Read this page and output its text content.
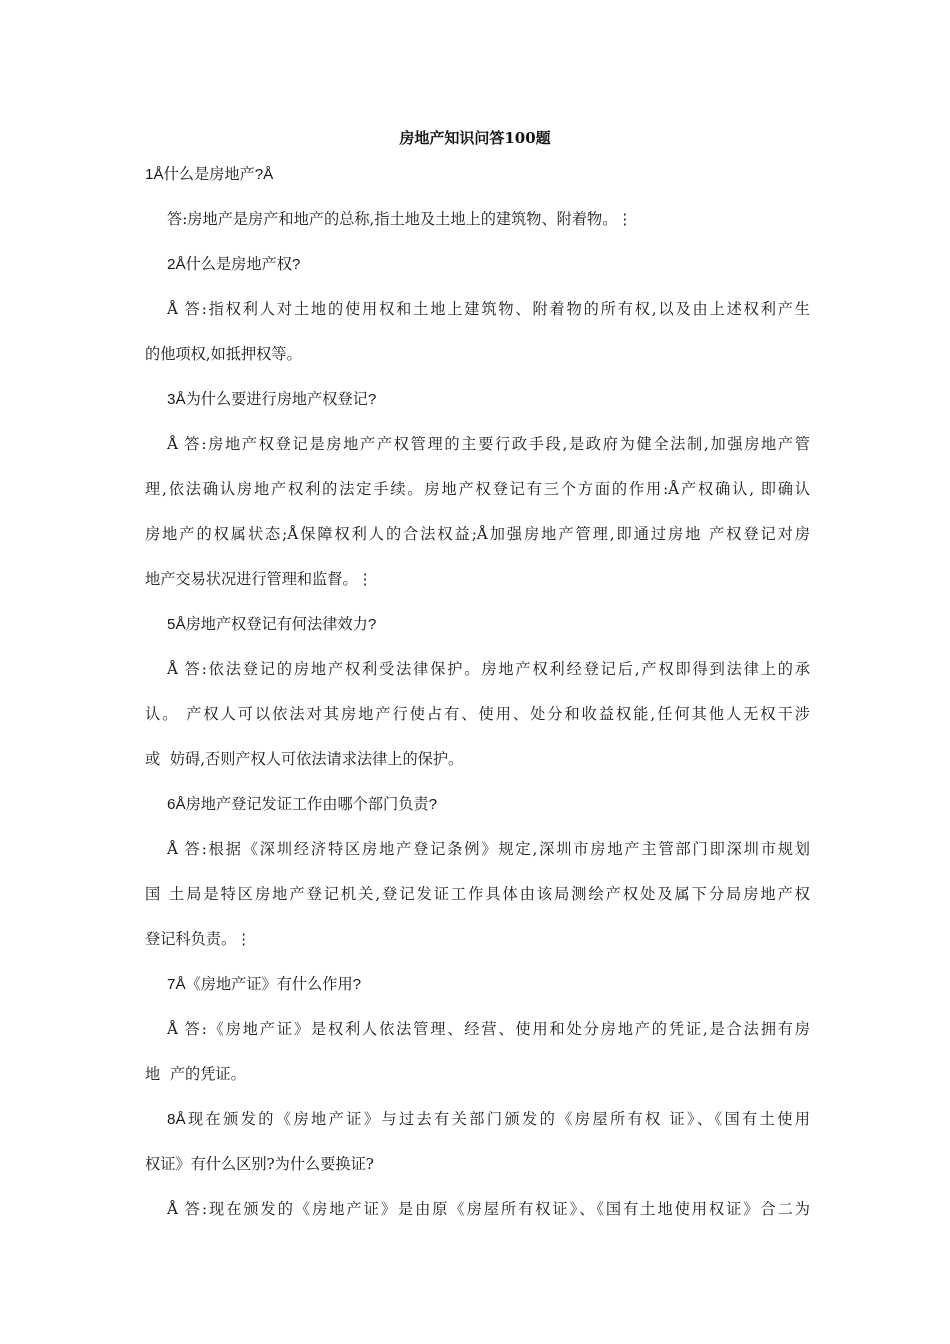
房地产知识问答100题
1Å什么是房地产?Å
答:房地产是房产和地产的总称,指土地及土地上的建筑物、附着物。⋮
2Å什么是房地产权?
Å 答:指权利人对土地的使用权和土地上建筑物、附着物的所有权,以及由上述权利产生
的他项权,如抵押权等。
3Å为什么要进行房地产权登记?
Å 答:房地产权登记是房地产产权管理的主要行政手段,是政府为健全法制,加强房地产管
理,依法确认房地产权利的法定手续。房地产权登记有三个方面的作用:Å产权确认, 即确认
房地产的权属状态;Å保障权利人的合法权益;Å加强房地产管理,即通过房地 产权登记对房
地产交易状况进行管理和监督。⋮
5Å房地产权登记有何法律效力?
Å 答:依法登记的房地产权利受法律保护。房地产权利经登记后,产权即得到法律上的承
认。 产权人可以依法对其房地产行使占有、使用、处分和收益权能,任何其他人无权干涉
或  妨碍,否则产权人可依法请求法律上的保护。
6Å房地产登记发证工作由哪个部门负责?
Å 答:根据《深圳经济特区房地产登记条例》规定,深圳市房地产主管部门即深圳市规划
国 土局是特区房地产登记机关,登记发证工作具体由该局测绘产权处及属下分局房地产权
登记科负责。⋮
7Å《房地产证》有什么作用?
Å 答:《房地产证》是权利人依法管理、经营、使用和处分房地产的凭证,是合法拥有房
地  产的凭证。
8Å现在颁发的《房地产证》与过去有关部门颁发的《房屋所有权 证》、《国有土使用
权证》有什么区别?为什么要换证?
Å 答:现在颁发的《房地产证》是由原《房屋所有权证》、《国有土地使用权证》合二为
